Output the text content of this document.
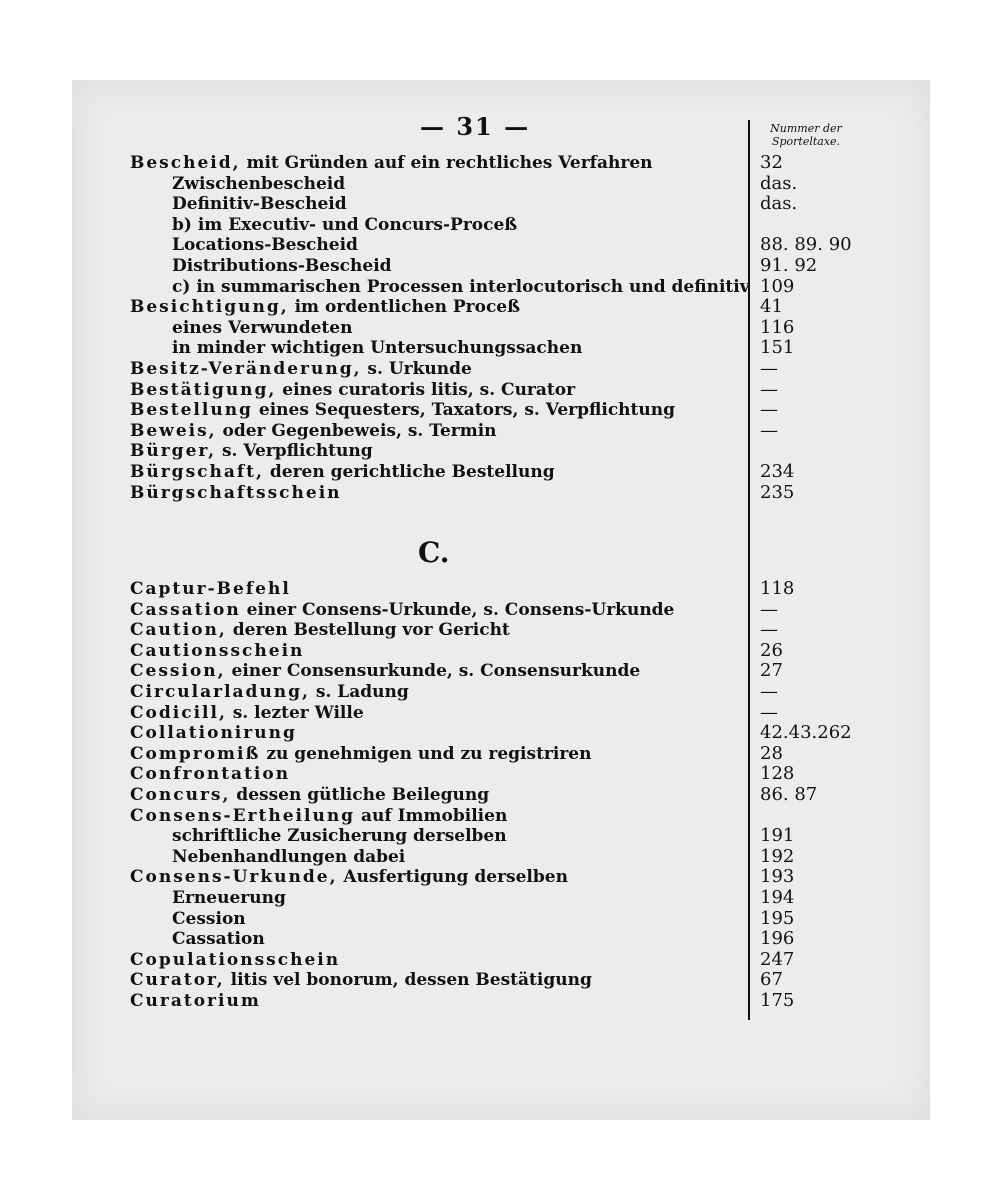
— 31 —	Nummer der
Sporteltaxe.
C.
Bescheid, mit Gründen auf ein rechtliches Verfahren	32
Zwischenbescheid	das.
Definitiv-Bescheid	das.
b) im Executiv- und Concurs-Proceß
Locations-Bescheid	88. 89. 90
Distributions-Bescheid	91. 92
c) in summarischen Processen interlocutorisch und definitiv 109
Besichtigung, im ordentlichen Proceß	41
eines Verwundeten	116
in minder wichtigen Untersuchungssachen	151
Besitz-Veränderung, s. Urkunde	—
Bestätigung, eines curatoris litis, s. Curator	—
Bestellung eines Sequesters, Taxators, s. Verpflichtung	—
Beweis, oder Gegenbeweis, s. Termin	—
Bürger, s. Verpflichtung
Bürgschaft, deren gerichtliche Bestellung	234
Bürgschaftsschein	235
Captur-Befehl	118
Cassation einer Consens-Urkunde, s. Consens-Urkunde	—
Caution, deren Bestellung vor Gericht	—
Cautionsschein	26
Cession, einer Consensurkunde, s. Consensurkunde	27
Circularladung, s. Ladung	—
Codicill, s. lezter Wille	—
Collationirung	42.43.262
Compromiß zu genehmigen und zu registriren	28
Confrontation	128
Concurs, dessen gütliche Beilegung	86. 87
Consens-Ertheilung auf Immobilien
schriftliche Zusicherung derselben	191
Nebenhandlungen dabei	192
Consens-Urkunde, Ausfertigung derselben	193
Erneuerung	194
Cession	195
Cassation	196
Copulationsschein	247
Curator, litis vel bonorum, dessen Bestätigung	67
Curatorium	175
